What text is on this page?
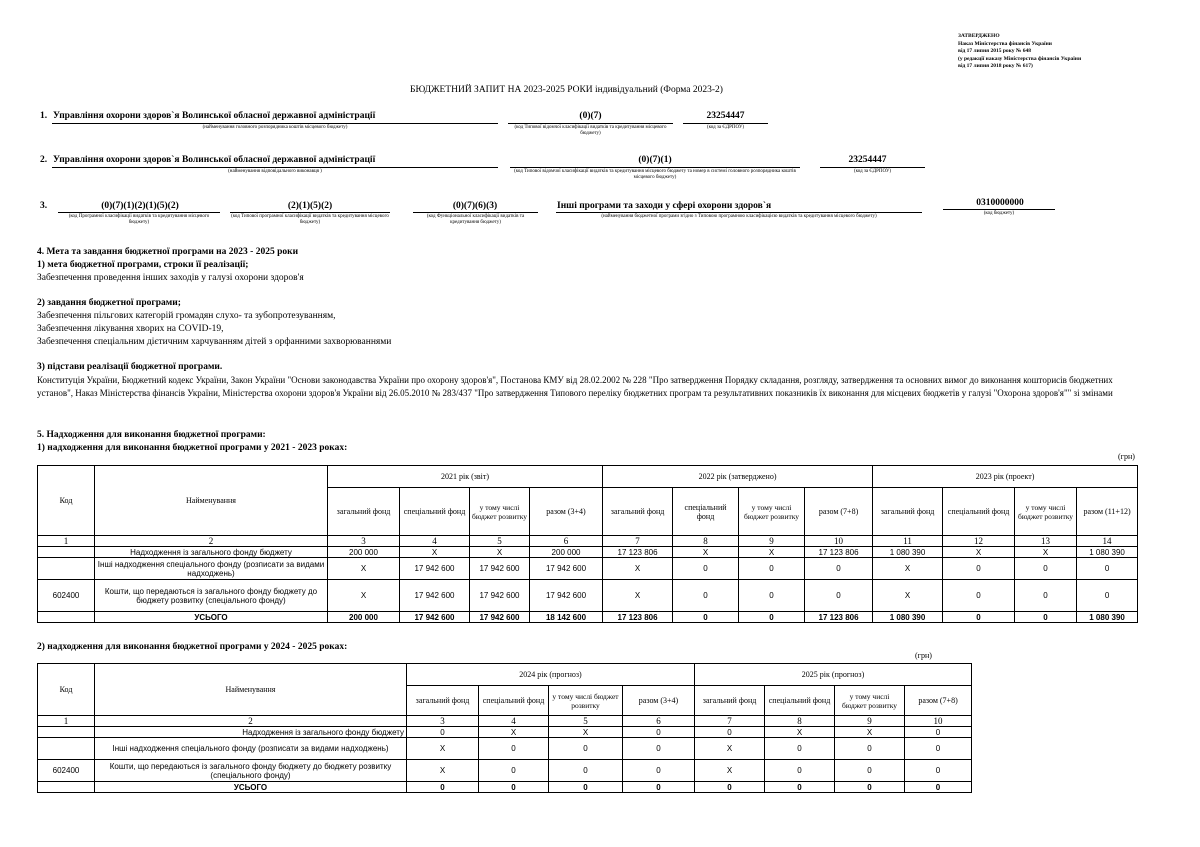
ЗАТВЕРДЖЕНО
Наказ Міністерства фінансів України
від 17 липня 2015 року № 648
(у редакції наказу Міністерства фінансів України
від 17 липня 2018 року № 617)
БЮДЖЕТНИЙ ЗАПИТ НА 2023-2025 РОКИ індивідуальний (Форма 2023-2)
1. Управління охорони здоров`я Волинської обласної державної адміністрації
(найменування головного розпорядника коштів місцевого бюджету)
(0)(7)
(код Типової відомчої класифікації видатків та кредитування місцевого бюджету)
23254447
(код за ЄДРПОУ)
2. Управління охорони здоров`я Волинської обласної державної адміністрації
(найменування відповідального виконавця )
(0)(7)(1)
(код Типової відомчої класифікації видатків та кредитування місцевого бюджету та номер в системі головного розпорядника коштів місцевого бюджету)
23254447
(код за ЄДРПОУ)
3.	(0)(7)(1)(2)(1)(5)(2)
(код Програмної класифікації видатків та кредитування місцевого бюджету)
(2)(1)(5)(2)
(код Типової програмної класифікації видатків та кредитування місцевого бюджету)
(0)(7)(6)(3)
(код Функціональної класифікації видатків та кредитування бюджету)
Інші програми та заходи у сфері охорони здоров`я
(найменування бюджетної програми згідно з Типовою програмною класифікацією видатків та кредитування місцевого бюджету)
0310000000
(код бюджету)
4. Мета та завдання бюджетної програми на 2023 - 2025 роки
1) мета бюджетної програми, строки її реалізації;
Забезпечення проведення інших заходів у галузі охорони здоров'я
2) завдання бюджетної програми;
Забезпечення пільгових категорій громадян слухо- та зубопротезуванням,
Забезпечення лікування хворих на COVID-19,
Забезпечення спеціальним дієтичним харчуванням дітей з орфанними захворюваннями
3) підстави реалізації бюджетної програми.
Конституція України, Бюджетний кодекс України, Закон України "Основи законодавства України про охорону здоров'я", Постанова КМУ від 28.02.2002 № 228 "Про затвердження Порядку складання, розгляду, затвердження та основних вимог до виконання кошторисів бюджетних установ", Наказ Міністерства фінансів України, Міністерства охорони здоров'я України від 26.05.2010 № 283/437 "Про затвердження Типового переліку бюджетних програм та результативних показників їх виконання для місцевих бюджетів у галузі "Охорона здоров'я"" зі змінами
5. Надходження для виконання бюджетної програми:
1) надходження для виконання бюджетної програми у 2021 - 2023 роках:
(грн)
Код	Найменування	2021 рік (звіт)				2022 рік (затверджено)				2023 рік (проект)			
		загальний фонд	спеціальний фонд	у тому числі бюджет розвитку	разом (3+4)	загальний фонд	спеціальний фонд	у тому числі бюджет розвитку	разом (7+8)	загальний фонд	спеціальний фонд	у тому числі бюджет розвитку	разом (11+12)
1	2	3	4	5	6	7	8	9	10	11	12	13	14
	Надходження із загального фонду бюджету	200 000	Х	Х	200 000	17 123 806	Х	Х	17 123 806	1 080 390	Х	Х	1 080 390
	Інші надходження спеціального фонду (розписати за видами надходжень)	Х	17 942 600	17 942 600	17 942 600	Х	0	0	0	Х	0	0	0
602400	Кошти, що передаються із загального фонду бюджету до бюджету розвитку (спеціального фонду)	Х	17 942 600	17 942 600	17 942 600	Х	0	0	0	Х	0	0	0
	УСЬОГО	200 000	17 942 600	17 942 600	18 142 600	17 123 806	0	0	17 123 806	1 080 390	0	0	1 080 390
2) надходження для виконання бюджетної програми у 2024 - 2025 роках:
(грн)
Код	Найменування	2024 рік (прогноз)				2025 рік (прогноз)			
		загальний фонд	спеціальний фонд	у тому числі бюджет розвитку	разом (3+4)	загальний фонд	спеціальний фонд	у тому числі бюджет розвитку	разом (7+8)
1	2	3	4	5	6	7	8	9	10
	Надходження із загального фонду бюджету	0	Х	Х	0	0	Х	Х	0
	Інші надходження спеціального фонду (розписати за видами надходжень)	Х	0	0	0	Х	0	0	0
602400	Кошти, що передаються із загального фонду бюджету до бюджету розвитку (спеціального фонду)	Х	0	0	0	Х	0	0	0
	УСЬОГО	0	0	0	0	0	0	0	0
